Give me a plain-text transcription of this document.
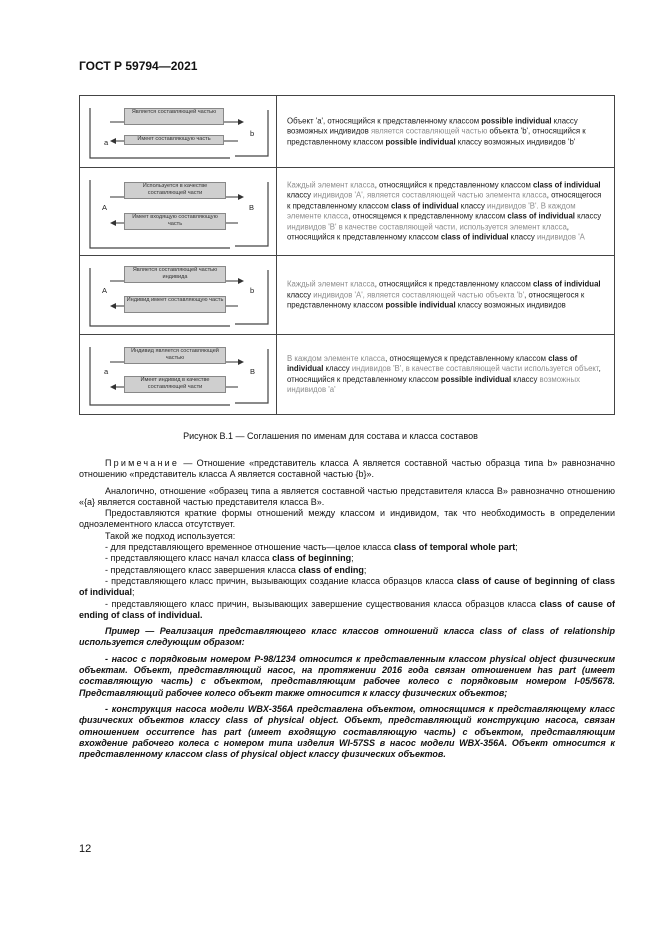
ГОСТ Р 59794—2021
a
b
Является составляющей частью
Имеет составляющую часть
Объект 'a', относящийся к представленному классом possible individual классу возможных индивидов является составляющей частью объекта 'b', относящийся к представленному классом possible individual классу возможных индивидов 'b'
A	B
Используется в качестве составляющей части
Имеет входящую составляющую часть
Каждый элемент класса, относящийся к представленному классом class of individual классу индивидов 'A', является составляющей частью элемента класса, относящегося к представленному классом class of individual классу индивидов 'B'. В каждом элементе класса, относящемся к представленному классом class of individual классу индивидов 'B' в качестве составляющей части, используется элемент класса, относящийся к представленному классом class of individual классу индивидов 'A
A	b
Является составляющей частью индивида
Индивид имеет составляющую часть
Каждый элемент класса, относящийся к представленному классом class of individual классу индивидов 'A', является составляющей частью объекта 'b', относящегося к представленному классом possible individual классу возможных индивидов
a	B
Индивид является составляющей частью
Имеет индивид в качестве составляющей части
В каждом элементе класса, относящемуся к представленному классом class of individual классу индивидов 'B', в качестве составляющей части используется объект, относящийся к представленному классом possible individual классу возможных индивидов 'a'
Рисунок B.1 — Соглашения по именам для состава и класса составов

Примечание — Отношение «представитель класса A является составной частью образца типа b» равнозначно отношению «представитель класса A является составной частью {b}».

Аналогично, отношение «образец типа a является составной частью представителя класса B» равнозначно отношению «{a} является составной частью представителя класса B».

Предоставляются краткие формы отношений между классом и индивидом, так что необходимость в определении одноэлементного класса отсутствует.

Такой же подход используется:

- для представляющего временное отношение часть—целое класса class of temporal whole part;

- представляющего класс начал класса class of beginning;

- представляющего класс завершения класса class of ending;

- представляющего класс причин, вызывающих создание класса образцов класса class of cause of beginning of class of individual;

- представляющего класс причин, вызывающих завершение существования класса образцов класса class of cause of ending of class of individual.

Пример — Реализация представляющего класс классов отношений класса class of class of relationship используется следующим образом:

- насос с порядковым номером P-98/1234 относится к представленным классом physical object физическим объектам. Объект, представляющий насос, на протяжении 2016 года связан отношением has part (имеет составляющую часть) с объектом, представляющим рабочее колесо с порядковым номером I-05/5678. Представляющий рабочее колесо объект также относится к классу физических объектов;

- конструкция насоса модели WBX-356A представлена объектом, относящимся к представляющему класс физических объектов классу class of physical object. Объект, представляющий конструкцию насоса, связан отношением occurrence has part (имеет входящую составляющую часть) с объектом, представляющим вхождение рабочего колеса с номером типа изделия WI-57SS в насос модели WBX-356A. Объект относится к представленному классом class of physical object классу физических объектов.

12
